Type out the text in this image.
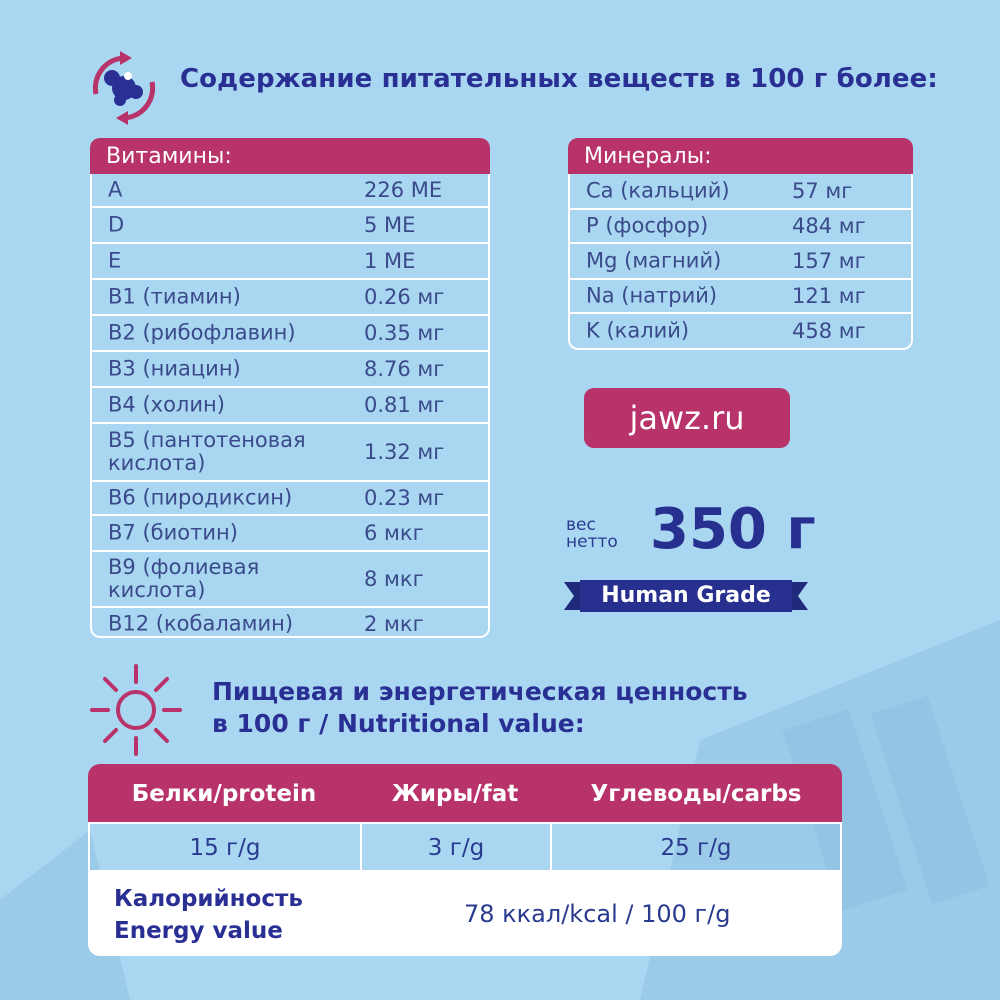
Содержание питательных веществ в 100 г более:
Витамины:
A	226 МЕ
D	5 МЕ
E	1 МЕ
B1 (тиамин)	0.26 мг
B2 (рибофлавин)	0.35 мг
B3 (ниацин)	8.76 мг
B4 (холин)	0.81 мг
B5 (пантотеновая кислота)	1.32 мг
B6 (пиродиксин)	0.23 мг
B7 (биотин)	6 мкг
B9 (фолиевая кислота)	8 мкг
B12 (кобаламин)	2 мкг
Минералы:
Ca (кальций)	57 мг
P (фосфор)	484 мг
Mg (магний)	157 мг
Na (натрий)	121 мг
K (калий)	458 мг
jawz.ru
вес
нетто 350 г
Human Grade
Пищевая и энергетическая ценность
в 100 г / Nutritional value:
Белки/protein	Жиры/fat	Углеводы/carbs
15 г/g	3 г/g	25 г/g
Калорийность
Energy value
78 ккал/kcal / 100 г/g
